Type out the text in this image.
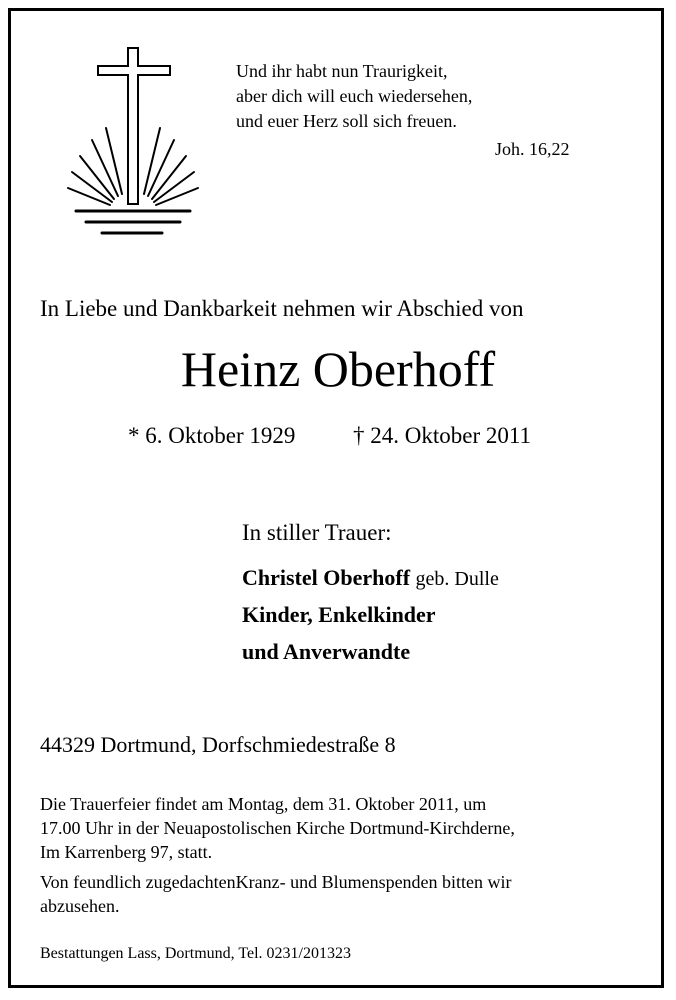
Und ihr habt nun Traurigkeit,
aber dich will euch wiedersehen,
und euer Herz soll sich freuen.
Joh. 16,22
In Liebe und Dankbarkeit nehmen wir Abschied von
Heinz Oberhoff
* 6. Oktober 1929	† 24. Oktober 2011
In stiller Trauer:
Christel Oberhoff geb. Dulle
Kinder, Enkelkinder
und Anverwandte
44329 Dortmund, Dorfschmiedestraße 8
Die Trauerfeier findet am Montag, dem 31. Oktober 2011, um
17.00 Uhr in der Neuapostolischen Kirche Dortmund-Kirchderne,
Im Karrenberg 97, statt.
Von feundlich zugedachtenKranz- und Blumenspenden bitten wir
abzusehen.
Bestattungen Lass, Dortmund, Tel. 0231/201323
